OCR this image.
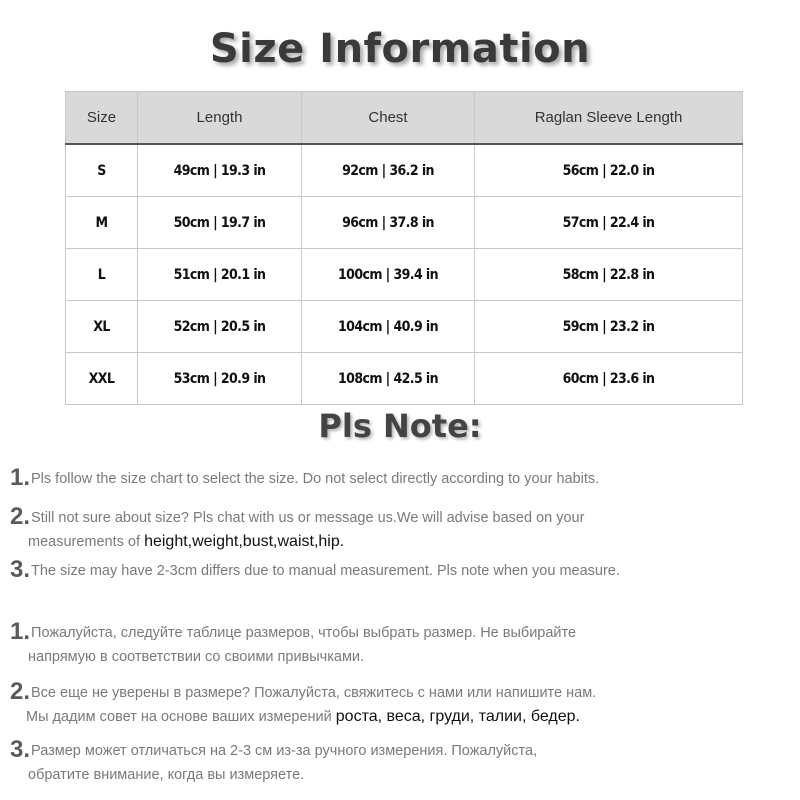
Size Information
Size	Length	Chest	Raglan Sleeve Length
S	49cm | 19.3 in	92cm | 36.2 in	56cm | 22.0 in
M	50cm | 19.7 in	96cm | 37.8 in	57cm | 22.4 in
L	51cm | 20.1 in	100cm | 39.4 in	58cm | 22.8 in
XL	52cm | 20.5 in	104cm | 40.9 in	59cm | 23.2 in
XXL	53cm | 20.9 in	108cm | 42.5 in	60cm | 23.6 in
Pls Note:
1.Pls follow the size chart to select the size. Do not select directly according to your habits.
2.Still not sure about size? Pls chat with us or message us.We will advise based on your
measurements of height,weight,bust,waist,hip.
3.The size may have 2-3cm differs due to manual measurement. Pls note when you measure.
1.Пожалуйста, следуйте таблице размеров, чтобы выбрать размер. Не выбирайте
напрямую в соответствии со своими привычками.
2.Все еще не уверены в размере? Пожалуйста, свяжитесь с нами или напишите нам.
Мы дадим совет на основе ваших измерений роста, веса, груди, талии, бедер.
3.Размер может отличаться на 2-3 см из-за ручного измерения. Пожалуйста,
обратите внимание, когда вы измеряете.
